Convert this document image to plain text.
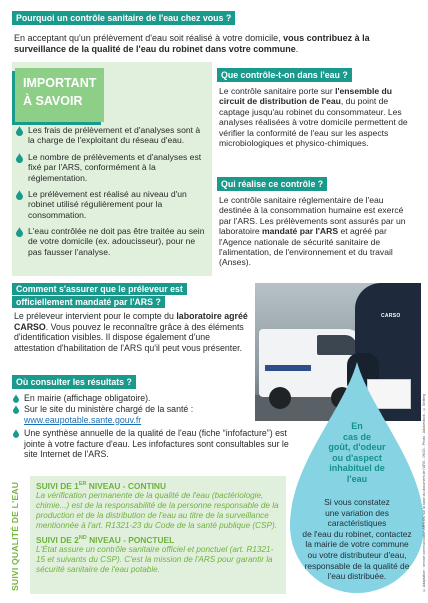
Pourquoi un contrôle sanitaire de l'eau chez vous ?

En acceptant qu'un prélèvement d'eau soit réalisé à votre domicile, vous contribuez à la surveillance de la qualité de l'eau du robinet dans votre commune.

IMPORTANT
À SAVOIR
Les frais de prélèvement et d'analyses sont à la charge de l'exploitant du réseau d'eau.
Le nombre de prélèvements et d'analyses est fixé par l'ARS, conformément à la réglementation.
Le prélèvement est réalisé au niveau d'un robinet utilisé régulièrement pour la consommation.
L'eau contrôlée ne doit pas être traitée au sein de votre domicile (ex. adoucisseur), pour ne pas fausser l'analyse.
Que contrôle-t-on dans l'eau ?

Le contrôle sanitaire porte sur l'ensemble du circuit de distribution de l'eau, du point de captage jusqu'au robinet du consommateur. Les analyses réalisées à votre domicile permettent de vérifier la conformité de l'eau sur les aspects microbiologiques et physico-chimiques.

Qui réalise ce contrôle ?

Le contrôle sanitaire réglementaire de l'eau destinée à la consommation humaine est exercé par l'ARS. Les prélèvements sont assurés par un laboratoire mandaté par l'ARS et agréé par l'Agence nationale de sécurité sanitaire de l'alimentation, de l'environnement et du travail (Anses).

Comment s'assurer que le préleveur est officiellement mandaté par l'ARS ?

Le préleveur intervient pour le compte du laboratoire agréé CARSO. Vous pouvez le reconnaître grâce à des éléments d'identification visibles. Il dispose également d'une attestation d'habilitation de l'ARS qu'il peut vous présenter.

CARSO
Où consulter les résultats ?
En mairie (affichage obligatoire).
Sur le site du ministère chargé de la santé :
www.eaupotable.sante.gouv.fr
Une synthèse annuelle de la qualité de l'eau (fiche “infofacture”) est jointe à votre facture d'eau. Les infofactures sont consultables sur le site Internet de l'ARS.
En
cas de
goût, d'odeur
ou d'aspect
inhabituel de
l'eau
Si vous constatez
une variation des
caractéristiques
de l'eau du robinet, contactez
la mairie de votre commune
ou votre distributeur d'eau,
responsable de la qualité de
l'eau distribuée.
SUIVI QUALITÉ DE L'EAU SUIVI DE 1ER NIVEAU - CONTINU

La vérification permanente de la qualité de l'eau (bactériologie, chimie...) est de la responsabilité de la personne responsable de la production et de la distribution de l'eau au titre de la surveillance mentionnée à l'art. R1321-23 du Code de la santé publique (CSP).

SUIVI DE 2ND NIVEAU - PONCTUEL

L'État assure un contrôle sanitaire officiel et ponctuel (art. R1321-15 et suivants du CSP). C'est la mission de l'ARS pour garantir la sécurité sanitaire de l'eau potable.	© Adaptation : service communication ARS OC sur la base du document de l'ARS - 09/23 - Photo : Adobestock - © Shitterg
